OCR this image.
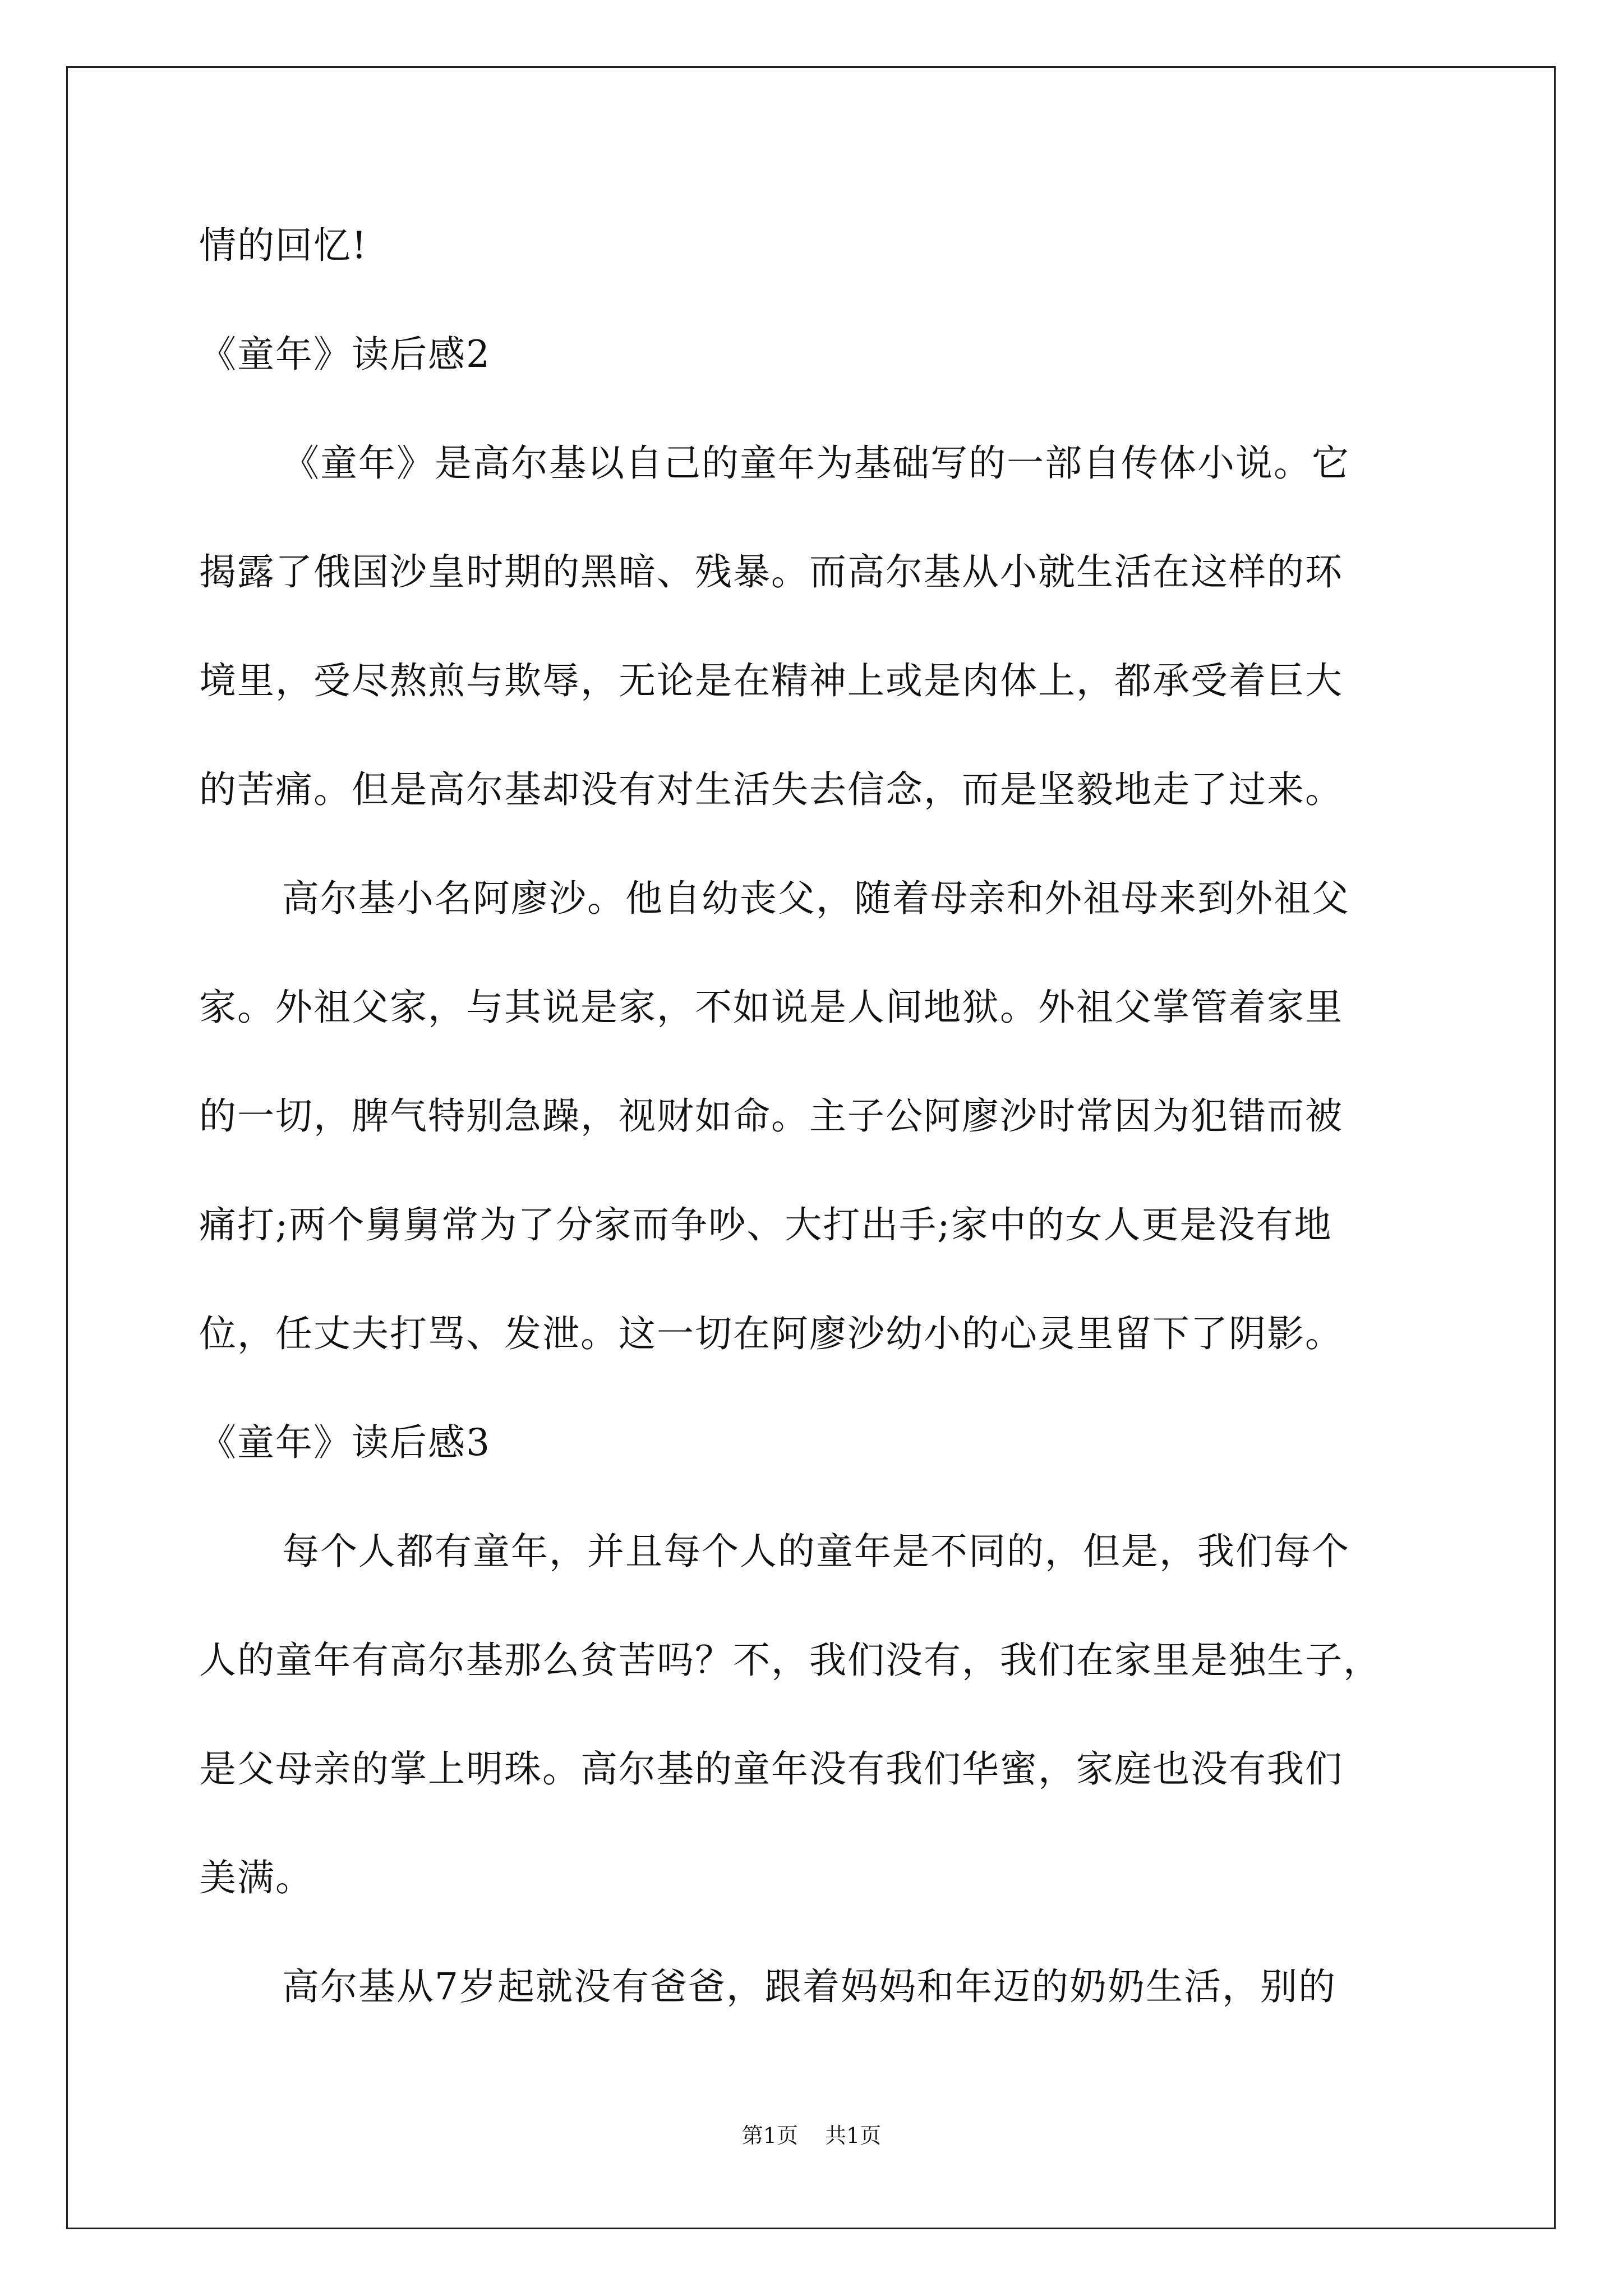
情的回忆!

《童年》读后感2

《童年》是高尔基以自己的童年为基础写的一部自传体小说。它

揭露了俄国沙皇时期的黑暗、残暴。而高尔基从小就生活在这样的环

境里，受尽熬煎与欺辱，无论是在精神上或是肉体上，都承受着巨大

的苦痛。但是高尔基却没有对生活失去信念，而是坚毅地走了过来。

高尔基小名阿廖沙。他自幼丧父，随着母亲和外祖母来到外祖父

家。外祖父家，与其说是家，不如说是人间地狱。外祖父掌管着家里

的一切，脾气特别急躁，视财如命。主子公阿廖沙时常因为犯错而被

痛打;两个舅舅常为了分家而争吵、大打出手;家中的女人更是没有地

位，任丈夫打骂、发泄。这一切在阿廖沙幼小的心灵里留下了阴影。

《童年》读后感3

每个人都有童年，并且每个人的童年是不同的，但是，我们每个

人的童年有高尔基那么贫苦吗？不，我们没有，我们在家里是独生子，

是父母亲的掌上明珠。高尔基的童年没有我们华蜜，家庭也没有我们

美满。

高尔基从7岁起就没有爸爸，跟着妈妈和年迈的奶奶生活，别的

第1页 共1页
